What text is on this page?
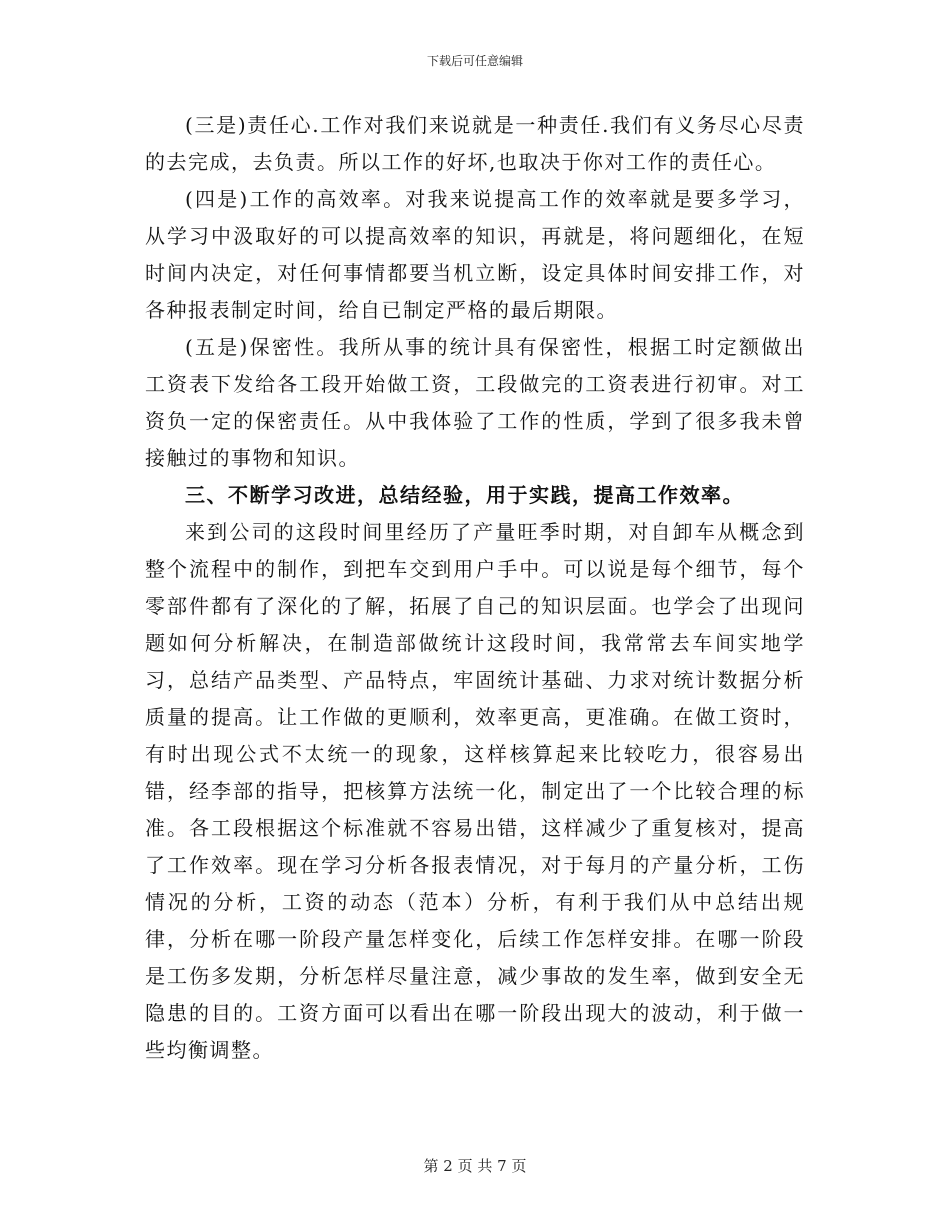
下载后可任意编辑

(三是)责任心.工作对我们来说就是一种责任.我们有义务尽心尽责的去完成，去负责。所以工作的好坏,也取决于你对工作的责任心。

(四是)工作的高效率。对我来说提高工作的效率就是要多学习，从学习中汲取好的可以提高效率的知识，再就是，将问题细化，在短时间内决定，对任何事情都要当机立断，设定具体时间安排工作，对各种报表制定时间，给自已制定严格的最后期限。

(五是)保密性。我所从事的统计具有保密性，根据工时定额做出工资表下发给各工段开始做工资，工段做完的工资表进行初审。对工资负一定的保密责任。从中我体验了工作的性质，学到了很多我未曾接触过的事物和知识。

三、不断学习改进，总结经验，用于实践，提高工作效率。

来到公司的这段时间里经历了产量旺季时期，对自卸车从概念到整个流程中的制作，到把车交到用户手中。可以说是每个细节，每个零部件都有了深化的了解，拓展了自己的知识层面。也学会了出现问题如何分析解决，在制造部做统计这段时间，我常常去车间实地学习，总结产品类型、产品特点，牢固统计基础、力求对统计数据分析质量的提高。让工作做的更顺利，效率更高，更准确。在做工资时，有时出现公式不太统一的现象，这样核算起来比较吃力，很容易出错，经李部的指导，把核算方法统一化，制定出了一个比较合理的标准。各工段根据这个标准就不容易出错，这样减少了重复核对，提高了工作效率。现在学习分析各报表情况，对于每月的产量分析，工伤情况的分析，工资的动态（范本）分析，有利于我们从中总结出规律，分析在哪一阶段产量怎样变化，后续工作怎样安排。在哪一阶段是工伤多发期，分析怎样尽量注意，减少事故的发生率，做到安全无隐患的目的。工资方面可以看出在哪一阶段出现大的波动，利于做一些均衡调整。

第 2 页 共 7 页
